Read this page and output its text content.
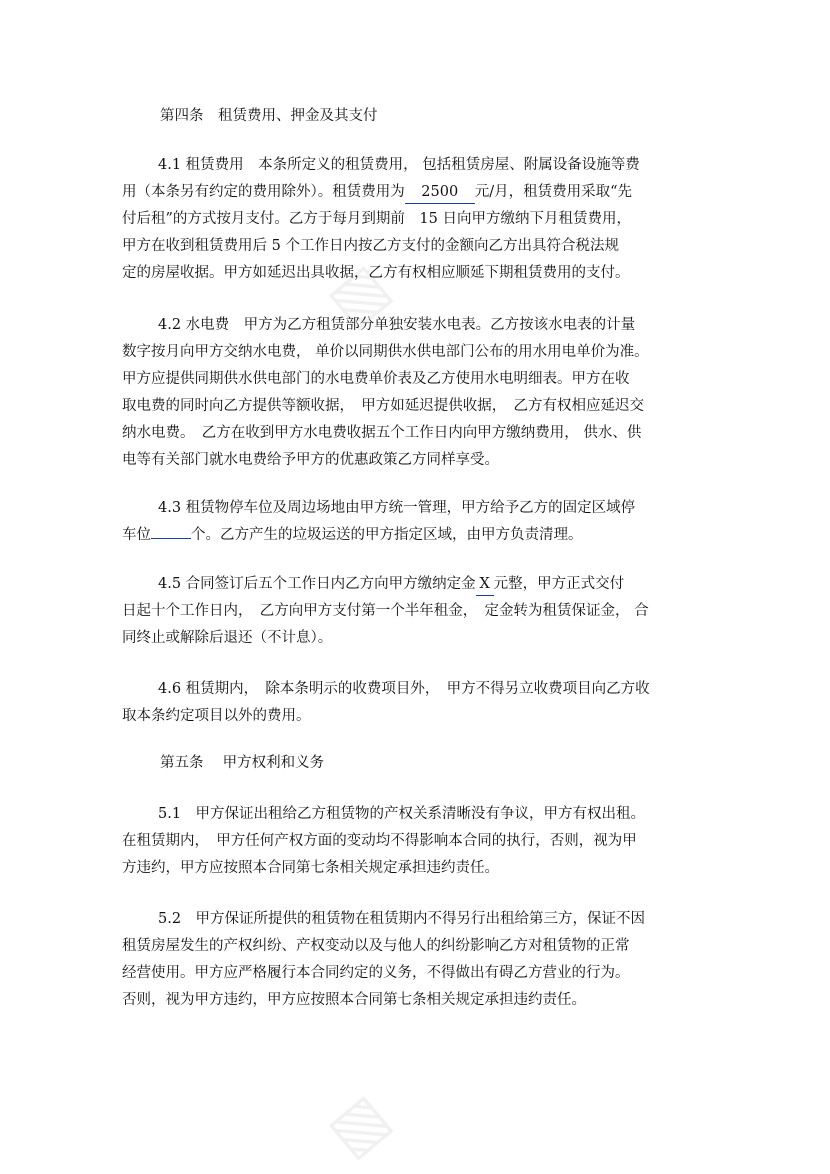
▧
▧

第四条　租赁费用、押金及其支付

4.1 租赁费用　本条所定义的租赁费用， 包括租赁房屋、附属设备设施等费
用（本条另有约定的费用除外）。租赁费用为 2500 元/月，租赁费用采取“先
付后租”的方式按月支付。乙方于每月到期前　15 日向甲方缴纳下月租赁费用，
甲方在收到租赁费用后 5 个工作日内按乙方支付的金额向乙方出具符合税法规
定的房屋收据。甲方如延迟出具收据，乙方有权相应顺延下期租赁费用的支付。
4.2 水电费　甲方为乙方租赁部分单独安装水电表。乙方按该水电表的计量
数字按月向甲方交纳水电费， 单价以同期供水供电部门公布的用水用电单价为准。
甲方应提供同期供水供电部门的水电费单价表及乙方使用水电明细表。甲方在收
取电费的同时向乙方提供等额收据，　甲方如延迟提供收据，　乙方有权相应延迟交
纳水电费。　乙方在收到甲方水电费收据五个工作日内向甲方缴纳费用， 供水、供
电等有关部门就水电费给予甲方的优惠政策乙方同样享受。
4.3 租赁物停车位及周边场地由甲方统一管理，甲方给予乙方的固定区域停
车位	个。乙方产生的垃圾运送的甲方指定区域，由甲方负责清理。
4.5 合同签订后五个工作日内乙方向甲方缴纳定金 X 元整，甲方正式交付
日起十个工作日内，　乙方向甲方支付第一个半年租金，　定金转为租赁保证金， 合
同终止或解除后退还（不计息）。
4.6 租赁期内，　除本条明示的收费项目外，　甲方不得另立收费项目向乙方收
取本条约定项目以外的费用。

第五条　 甲方权利和义务

5.1　甲方保证出租给乙方租赁物的产权关系清晰没有争议，甲方有权出租。
在租赁期内，　甲方任何产权方面的变动均不得影响本合同的执行，否则，视为甲
方违约，甲方应按照本合同第七条相关规定承担违约责任。
5.2　甲方保证所提供的租赁物在租赁期内不得另行出租给第三方，保证不因
租赁房屋发生的产权纠纷、产权变动以及与他人的纠纷影响乙方对租赁物的正常
经营使用。甲方应严格履行本合同约定的义务，不得做出有碍乙方营业的行为。
否则，视为甲方违约，甲方应按照本合同第七条相关规定承担违约责任。
